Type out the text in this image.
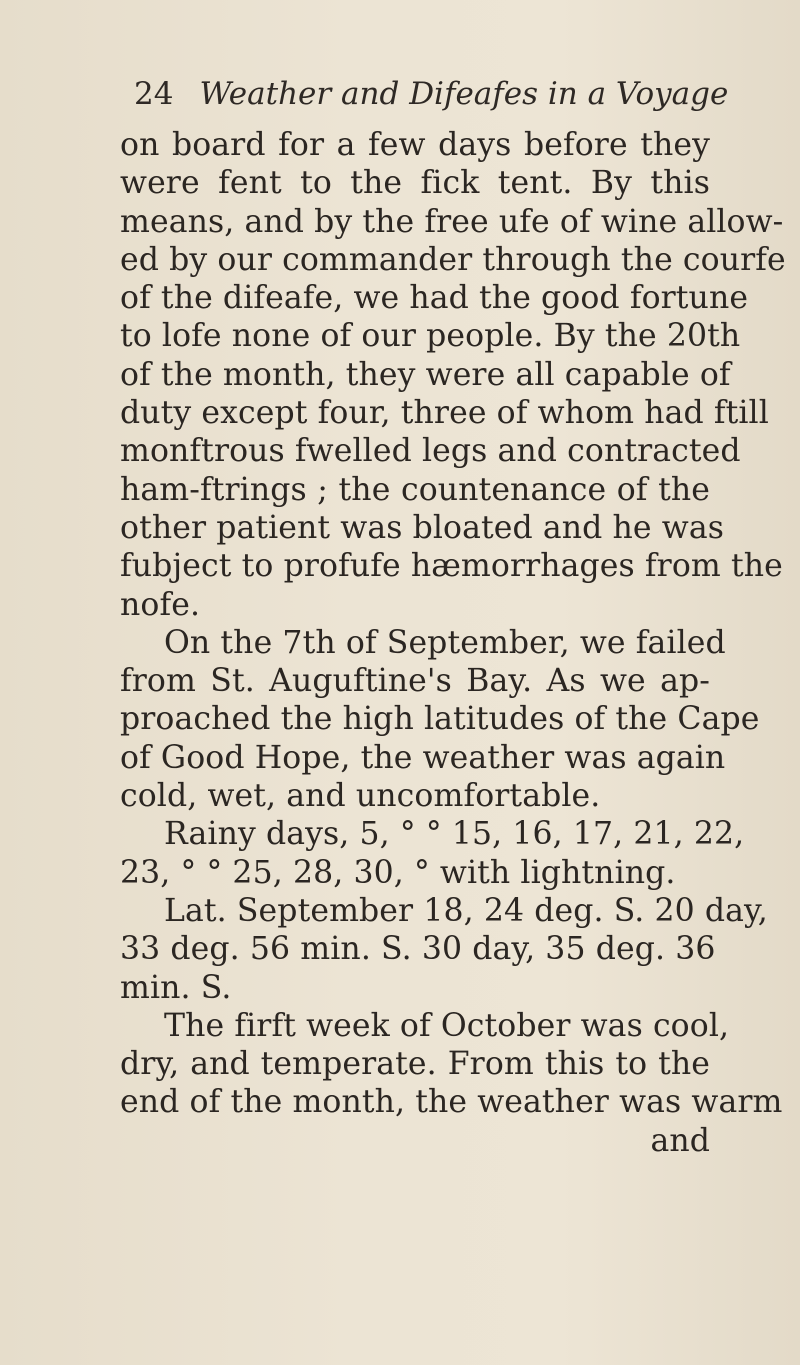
24 Weather and Difeafes in a Voyage
on board for a few days before they
were fent to the fick tent. By this
means, and by the free ufe of wine allow-
ed by our commander through the courfe
of the difeafe, we had the good fortune
to lofe none of our people. By the 20th
of the month, they were all capable of
duty except four, three of whom had ftill
monftrous fwelled legs and contracted
ham-ftrings ; the countenance of the
other patient was bloated and he was
fubject to profufe hæmorrhages from the
nofe.
On the 7th of September, we failed
from St. Auguftine's Bay. As we ap-
proached the high latitudes of the Cape
of Good Hope, the weather was again
cold, wet, and uncomfortable.
Rainy days, 5, ° ° 15, 16, 17, 21, 22,
23, ° ° 25, 28, 30, ° with lightning.
Lat. September 18, 24 deg. S. 20 day,
33 deg. 56 min. S. 30 day, 35 deg. 36
min. S.
The firft week of October was cool,
dry, and temperate. From this to the
end of the month, the weather was warm
and
